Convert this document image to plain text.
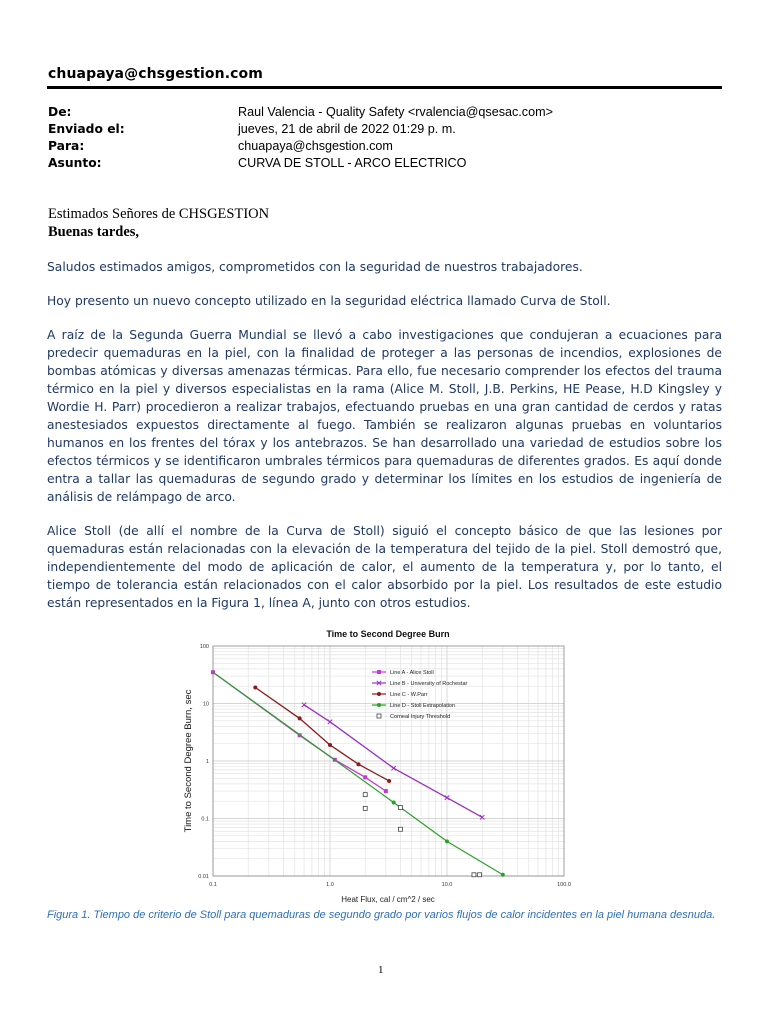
chuapaya@chsgestion.com
De:	Raul Valencia - Quality Safety <rvalencia@qsesac.com>
Enviado el:	jueves, 21 de abril de 2022 01:29 p. m.
Para:	chuapaya@chsgestion.com
Asunto:	CURVA DE STOLL - ARCO ELECTRICO
Estimados Señores de CHSGESTION
Buenas tardes,

Saludos estimados amigos, comprometidos con la seguridad de nuestros trabajadores.

Hoy presento un nuevo concepto utilizado en la seguridad eléctrica llamado Curva de Stoll.

A raíz de la Segunda Guerra Mundial se llevó a cabo investigaciones que condujeran a ecuaciones para predecir quemaduras en la piel, con la finalidad de proteger a las personas de incendios, explosiones de bombas atómicas y diversas amenazas térmicas. Para ello, fue necesario comprender los efectos del trauma térmico en la piel y diversos especialistas en la rama (Alice M. Stoll, J.B. Perkins, HE Pease, H.D Kingsley y Wordie H. Parr) procedieron a realizar trabajos, efectuando pruebas en una gran cantidad de cerdos y ratas anestesiados expuestos directamente al fuego. También se realizaron algunas pruebas en voluntarios humanos en los frentes del tórax y los antebrazos. Se han desarrollado una variedad de estudios sobre los efectos térmicos y se identificaron umbrales térmicos para quemaduras de diferentes grados. Es aquí donde entra a tallar las quemaduras de segundo grado y determinar los límites en los estudios de ingeniería de análisis de relámpago de arco.

Alice Stoll (de allí el nombre de la Curva de Stoll) siguió el concepto básico de que las lesiones por quemaduras están relacionadas con la elevación de la temperatura del tejido de la piel. Stoll demostró que, independientemente del modo de aplicación de calor, el aumento de la temperatura y, por lo tanto, el tiempo de tolerancia están relacionados con el calor absorbido por la piel. Los resultados de este estudio están representados en la Figura 1, línea A, junto con otros estudios.

Time to Second Degree Burn
Heat Flux, cal / cm^2 / sec
Time to Second Degree Burn, sec
0.1	1.0	10.0	100.0
100
10
1
0.1
0.01
Line A - Alice Stoll
Line B - University of Rochestar
Line C - W.Parr
Line D - Stoll Extrapolation
Corneal Injury Threshold
Figura 1. Tiempo de criterio de Stoll para quemaduras de segundo grado por varios flujos de calor incidentes en la piel humana desnuda.
1
